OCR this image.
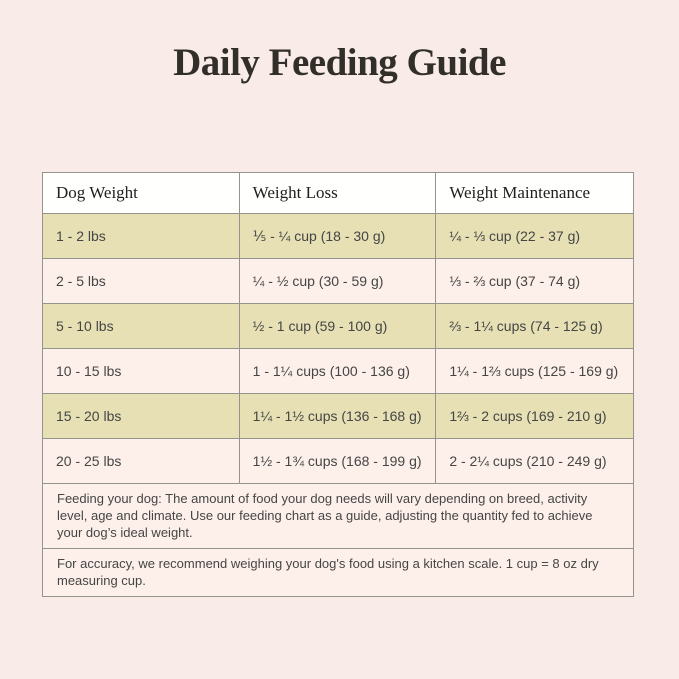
Daily Feeding Guide
Dog Weight	Weight Loss	Weight Maintenance
1 - 2 lbs	⅕ - ¼ cup (18 - 30 g)	¼ - ⅓ cup (22 - 37 g)
2 - 5 lbs	¼ - ½ cup (30 - 59 g)	⅓ - ⅔ cup (37 - 74 g)
5 - 10 lbs	½ - 1 cup (59 - 100 g)	⅔ - 1¼ cups (74 - 125 g)
10 - 15 lbs	1 - 1¼ cups (100 - 136 g)	1¼ - 1⅔ cups (125 - 169 g)
15 - 20 lbs	1¼ - 1½ cups (136 - 168 g)	1⅔ - 2 cups (169 - 210 g)
20 - 25 lbs	1½ - 1¾ cups (168 - 199 g)	2 - 2¼ cups (210 - 249 g)
Feeding your dog: The amount of food your dog needs will vary depending on breed, activity level, age and climate. Use our feeding chart as a guide, adjusting the quantity fed to achieve your dog’s ideal weight.
For accuracy, we recommend weighing your dog's food using a kitchen scale. 1 cup = 8 oz dry measuring cup.
